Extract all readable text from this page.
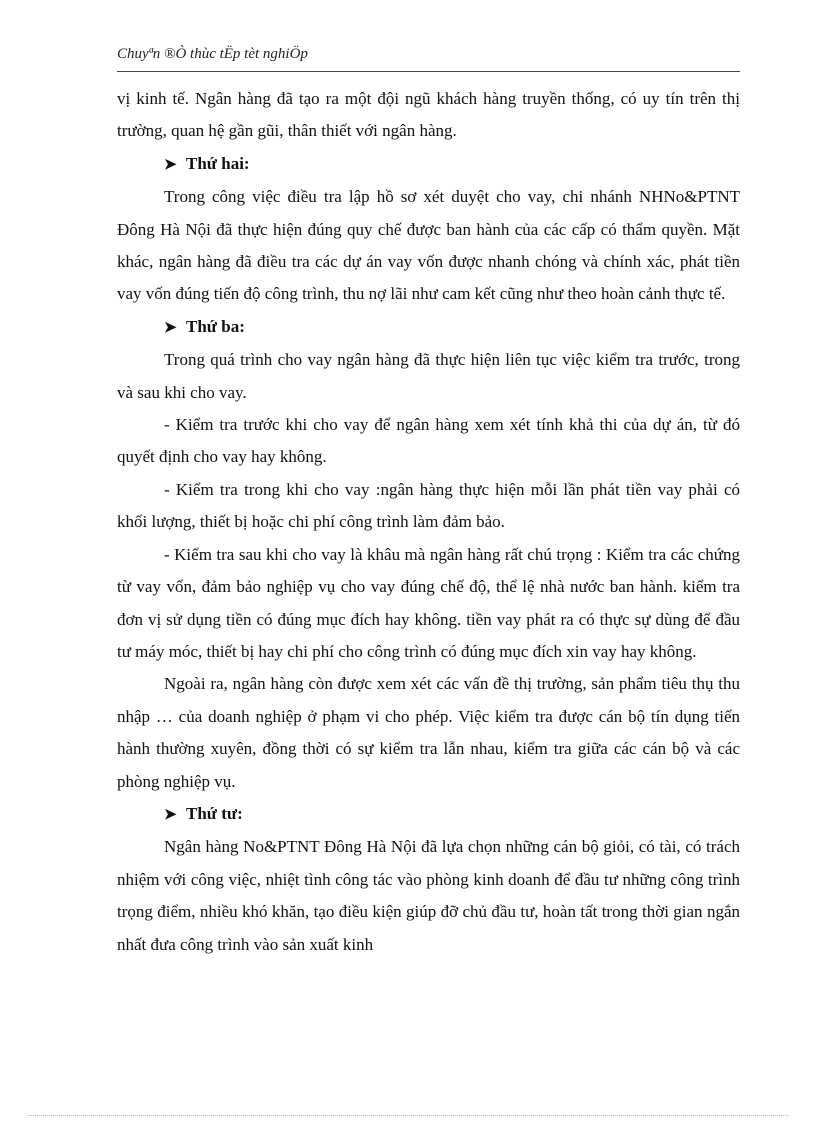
Chuyªn ®Ò thùc tËp tèt nghiÖp

vị kinh tế. Ngân hàng đã tạo ra một đội ngũ khách hàng truyền thống, có uy tín trên thị trường, quan hệ gần gũi, thân thiết với ngân hàng.

➤ Thứ hai:

Trong công việc điều tra lập hồ sơ xét duyệt cho vay, chi nhánh NHNo&PTNT Đông Hà Nội đã thực hiện đúng quy chế được ban hành của các cấp có thẩm quyền. Mặt khác, ngân hàng đã điều tra các dự án vay vốn được nhanh chóng và chính xác, phát tiền vay vốn đúng tiến độ công trình, thu nợ lãi như cam kết cũng như theo hoàn cảnh thực tế.

➤ Thứ ba:

Trong quá trình cho vay ngân hàng đã thực hiện liên tục việc kiểm tra trước, trong và sau khi cho vay.

- Kiểm tra trước khi cho vay để ngân hàng xem xét tính khả thi của dự án, từ đó quyết định cho vay hay không.

- Kiểm tra trong khi cho vay :ngân hàng thực hiện mỗi lần phát tiền vay phải có khối lượng, thiết bị hoặc chi phí công trình làm đảm bảo.

- Kiểm tra sau khi cho vay là khâu mà ngân hàng rất chú trọng : Kiểm tra các chứng từ vay vốn, đảm bảo nghiệp vụ cho vay đúng chế độ, thể lệ nhà nước ban hành. kiểm tra đơn vị sử dụng tiền có đúng mục đích hay không. tiền vay phát ra có thực sự dùng để đầu tư máy móc, thiết bị hay chi phí cho công trình có đúng mục đích xin vay hay không.

Ngoài ra, ngân hàng còn được xem xét các vấn đề thị trường, sản phẩm tiêu thụ thu nhập … của doanh nghiệp ở phạm vi cho phép. Việc kiểm tra được cán bộ tín dụng tiến hành thường xuyên, đồng thời có sự kiểm tra lẫn nhau, kiểm tra giữa các cán bộ và các phòng nghiệp vụ.

➤ Thứ tư:

Ngân hàng No&PTNT Đông Hà Nội đã lựa chọn những cán bộ giỏi, có tài, có trách nhiệm với công việc, nhiệt tình công tác vào phòng kinh doanh để đầu tư những công trình trọng điểm, nhiều khó khăn, tạo điều kiện giúp đỡ chủ đầu tư, hoàn tất trong thời gian ngắn nhất đưa công trình vào sản xuất kinh
